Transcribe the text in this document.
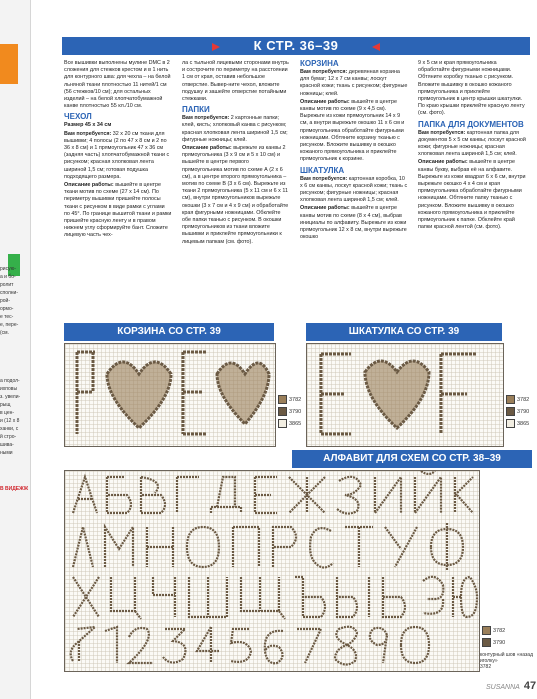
рисую-
а и бо-
ролит
сполни-
рой-
ормо-
е тес-
е, пере-
(см.
а подол-
ихповы
з. увели-
рыщ
в цен-
и (12 х 8
ханки, с
й стро-
шива-
ными
В ВИДЕЖЖ
К СТР. 36–39

Все вышивки выполнены мулине DMC в 2 сложения для стежков крестом и в 1 нить для контурного шва: для чехла – на белой льняной ткани плотностью 11 нитей/1 см (56 стежков/10 см); для остальных изделий – на белой хлопчатобумажной канве плотностью 55 кл./10 см.

ЧЕХОЛ

Размер 45 х 34 см

Вам потребуется: 32 х 20 см ткани для вышивки; 4 полосы (2 по 47 х 8 см и 2 по 36 х 8 см) и 1 прямоугольник 47 х 36 см (задняя часть) хлопчатобумажной ткани с рисунком; красная хлопковая лента шириной 1,5 см; готовая подушка подходящего размера.

Описание работы: вышейте в центре ткани мотив по схеме (27 х 14 см). По периметру вышивки пришейте полосы ткани с рисунком в виде рамки с углами по 45°. По границе вышитой ткани и рамки пришейте красную ленту и в правом нижнем углу сформируйте бант. Сложите лицевую часть чех-

ла с тыльной лицевыми сторонами внутрь и сострочите по периметру на расстоянии 1 см от края, оставив небольшое отверстие. Вывер-ните чехол, вложите подушку и зашейте отверстие потайными стежками.

ПАПКИ

Вам потребуется: 2 картонные папки; клей, кисть; хлопковый канва с рисунком; красная хлопковая лента шириной 1,5 см; фигурные ножницы; клей.

Описание работы: вырежьте из канвы 2 прямоугольника (3 х 9 см и 5 х 10 см) и вышейте в центре первого прямоугольника мотив по схеме А (2 х 6 см), а в центре второго прямоугольника – мотив по схеме B (3 х 6 см). Вырежьте из ткани 2 прямоугольника (5 х 11 см и 6 х 11 см), внутри прямоугольников вырежьте окошки (3 х 7 см и 4 х 9 см) и обработайте края фигурными ножницами. Обклейте обе папки тканью с рисунком. В окошки прямоугольников из ткани вложите вышивки и приклейте прямоугольники к лицевым папкам (см. фото).

КОРЗИНА

Вам потребуется: деревянная корзина для бумаг; 12 х 7 см канвы; лоскут красной кожи; ткань с рисунком; фигурные ножницы; клей.

Описание работы: вышейте в центре канвы мотив по схеме (9 х 4,5 см). Вырежьте из кожи прямоугольник 14 х 9 см, а внутри вырежьте окошко 11 х 6 см и прямоугольника обработайте фигурными ножницами. Обтяните корзину тканью с рисунком. Вложите вышивку в окошко кожаного прямоугольника и приклейте прямоугольник к корзине.

ШКАТУЛКА

Вам потребуется: картонная коробка, 10 х 6 см канвы, лоскут красной кожи; ткань с рисунком; фигурные ножницы; красная хлопковая лента шириной 1,5 см; клей.

Описание работы: вышейте в центре канвы мотив по схеме (8 х 4 см), выбрав инициалы по алфавиту. Вырежьте из кожи прямоугольник 12 х 8 см, внутри вырежьте окошко

9 х 5 см и края прямоугольника обработайте фигурными ножницами. Обтяните коробку тканью с рисунком. Вложите вышивку в окошко кожаного прямоугольника и приклейте прямоугольник в центр крышки шкатулки. По краю крышки приклейте красную ленту (см. фото).

ПАПКА ДЛЯ ДОКУМЕНТОВ

Вам потребуется: картонная папка для документов 5 х 5 см канвы; лоскут красной кожи; фигурные ножницы; красная хлопковая лента шириной 1,5 см; клей.

Описание работы: вышейте в центре канвы букву, выбрав её на алфавите. Вырежьте из кожи квадрат 6 х 6 см, внутри вырежьте окошко 4 х 4 см и края прямоугольника обработайте фигурными ножницами. Обтяните папку тканью с рисунком. Вложите вышивку в окошко кожаного прямоугольника и приклейте прямоугольник к папке. Обклейте край папки красной лентой (см. фото).

КОРЗИНА СО СТР. 39
3782
3790
3865
ШКАТУЛКА СО СТР. 39
3782
3790
3865
АЛФАВИТ ДЛЯ СХЕМ СО СТР. 38–39
3782
3790
контурный шов «назад иголку»
3782
SUSANNA 47
